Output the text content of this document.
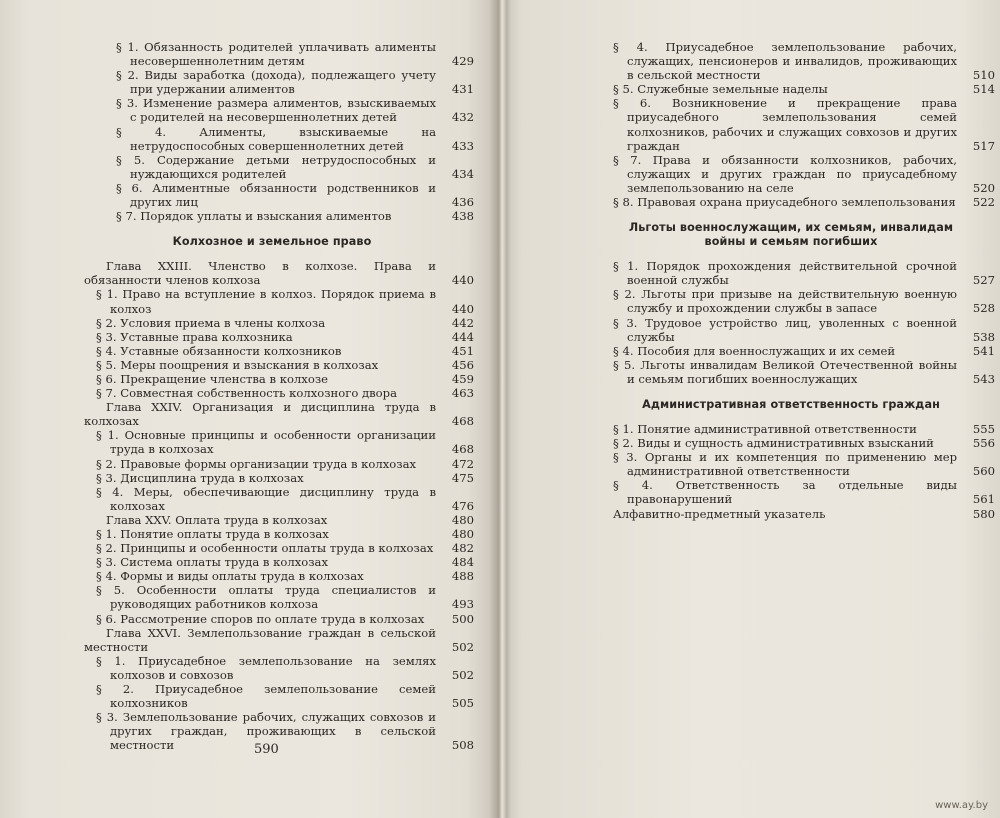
§ 1. Обязанность родителей уплачивать алименты несовершеннолетним детям	429
§ 2. Виды заработка (дохода), подлежащего учету при удержании алиментов	431
§ 3. Изменение размера алиментов, взыскиваемых с родителей на несовершеннолетних детей	432
§ 4. Алименты, взыскиваемые на нетрудоспособных совершеннолетних детей	433
§ 5. Содержание детьми нетрудоспособных и нуждающихся родителей	434
§ 6. Алиментные обязанности родственников и других лиц	436
§ 7. Порядок уплаты и взыскания алиментов	438
Колхозное и земельное право
Глава XXIII. Членство в колхозе. Права и обязанности членов колхоза	440
§ 1. Право на вступление в колхоз. Порядок приема в колхоз	440
§ 2. Условия приема в члены колхоза	442
§ 3. Уставные права колхозника	444
§ 4. Уставные обязанности колхозников	451
§ 5. Меры поощрения и взыскания в колхозах	456
§ 6. Прекращение членства в колхозе	459
§ 7. Совместная собственность колхозного двора	463
Глава XXIV. Организация и дисциплина труда в колхозах	468
§ 1. Основные принципы и особенности организации труда в колхозах	468
§ 2. Правовые формы организации труда в колхозах	472
§ 3. Дисциплина труда в колхозах	475
§ 4. Меры, обеспечивающие дисциплину труда в колхозах	476
Глава XXV. Оплата труда в колхозах	480
§ 1. Понятие оплаты труда в колхозах	480
§ 2. Принципы и особенности оплаты труда в колхозах	482
§ 3. Система оплаты труда в колхозах	484
§ 4. Формы и виды оплаты труда в колхозах	488
§ 5. Особенности оплаты труда специалистов и руководящих работников колхоза	493
§ 6. Рассмотрение споров по оплате труда в колхозах	500
Глава XXVI. Землепользование граждан в сельской местности	502
§ 1. Приусадебное землепользование на землях колхозов и совхозов	502
§ 2. Приусадебное землепользование семей колхозников	505
§ 3. Землепользование рабочих, служащих совхозов и других граждан, проживающих в сельской местности	508
590
§ 4. Приусадебное землепользование рабочих, служащих, пенсионеров и инвалидов, проживающих в сельской местности	510
§ 5. Служебные земельные наделы	514
§ 6. Возникновение и прекращение права приусадебного землепользования семей колхозников, рабочих и служащих совхозов и других граждан	517
§ 7. Права и обязанности колхозников, рабочих, служащих и других граждан по приусадебному землепользованию на селе	520
§ 8. Правовая охрана приусадебного землепользования	522
Льготы военнослужащим, их семьям, инвалидам войны и семьям погибших
§ 1. Порядок прохождения действительной срочной военной службы	527
§ 2. Льготы при призыве на действительную военную службу и прохождении службы в запасе	528
§ 3. Трудовое устройство лиц, уволенных с военной службы	538
§ 4. Пособия для военнослужащих и их семей	541
§ 5. Льготы инвалидам Великой Отечественной войны и семьям погибших военнослужащих	543
Административная ответственность граждан
§ 1. Понятие административной ответственности	555
§ 2. Виды и сущность административных взысканий	556
§ 3. Органы и их компетенция по применению мер административной ответственности	560
§ 4. Ответственность за отдельные виды правонарушений	561
Алфавитно-предметный указатель	580
www.ay.by
